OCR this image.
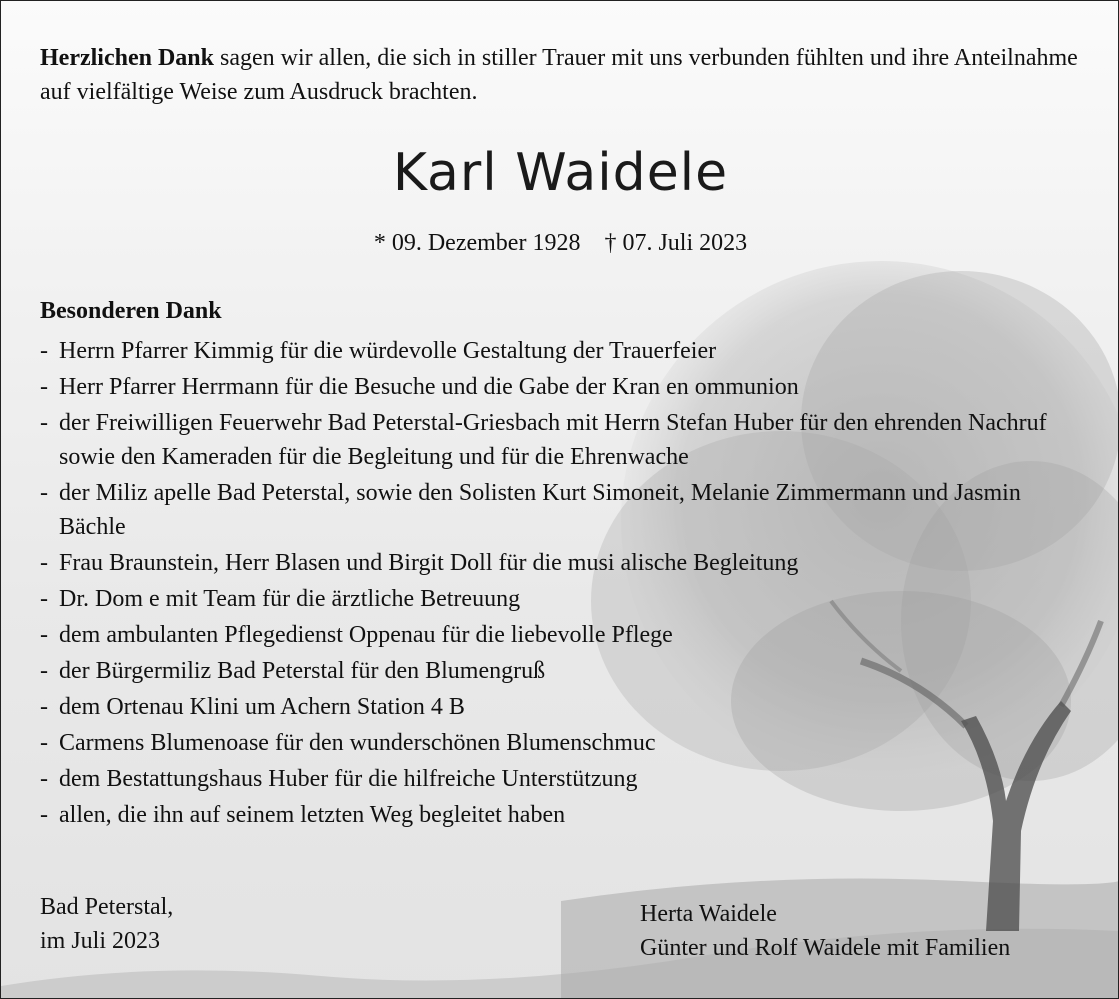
Herzlichen Dank sagen wir allen, die sich in stiller Trauer mit uns verbunden fühlten und ihre Anteilnahme auf vielfältige Weise zum Ausdruck brachten.

Karl Waidele
* 09. Dezember 1928 † 07. Juli 2023
Besonderen Dank
- Herrn Pfarrer Kimmig für die würdevolle Gestaltung der Trauerfeier
- Herr Pfarrer Herrmann für die Besuche und die Gabe der Kran en ommunion
- der Freiwilligen Feuerwehr Bad Peterstal-Griesbach mit Herrn Stefan Huber für den ehrenden Nachruf sowie den Kameraden für die Begleitung und für die Ehrenwache
- der Miliz apelle Bad Peterstal, sowie den Solisten Kurt Simoneit, Melanie Zimmermann und Jasmin Bächle
- Frau Braunstein, Herr Blasen und Birgit Doll für die musi alische Begleitung
- Dr. Dom e mit Team für die ärztliche Betreuung
- dem ambulanten Pflegedienst Oppenau für die liebevolle Pflege
- der Bürgermiliz Bad Peterstal für den Blumengruß
- dem Ortenau Klini um Achern Station 4 B
- Carmens Blumenoase für den wunderschönen Blumenschmuc
- dem Bestattungshaus Huber für die hilfreiche Unterstützung
- allen, die ihn auf seinem letzten Weg begleitet haben
Bad Peterstal,
im Juli 2023
Herta Waidele
Günter und Rolf Waidele mit Familien
